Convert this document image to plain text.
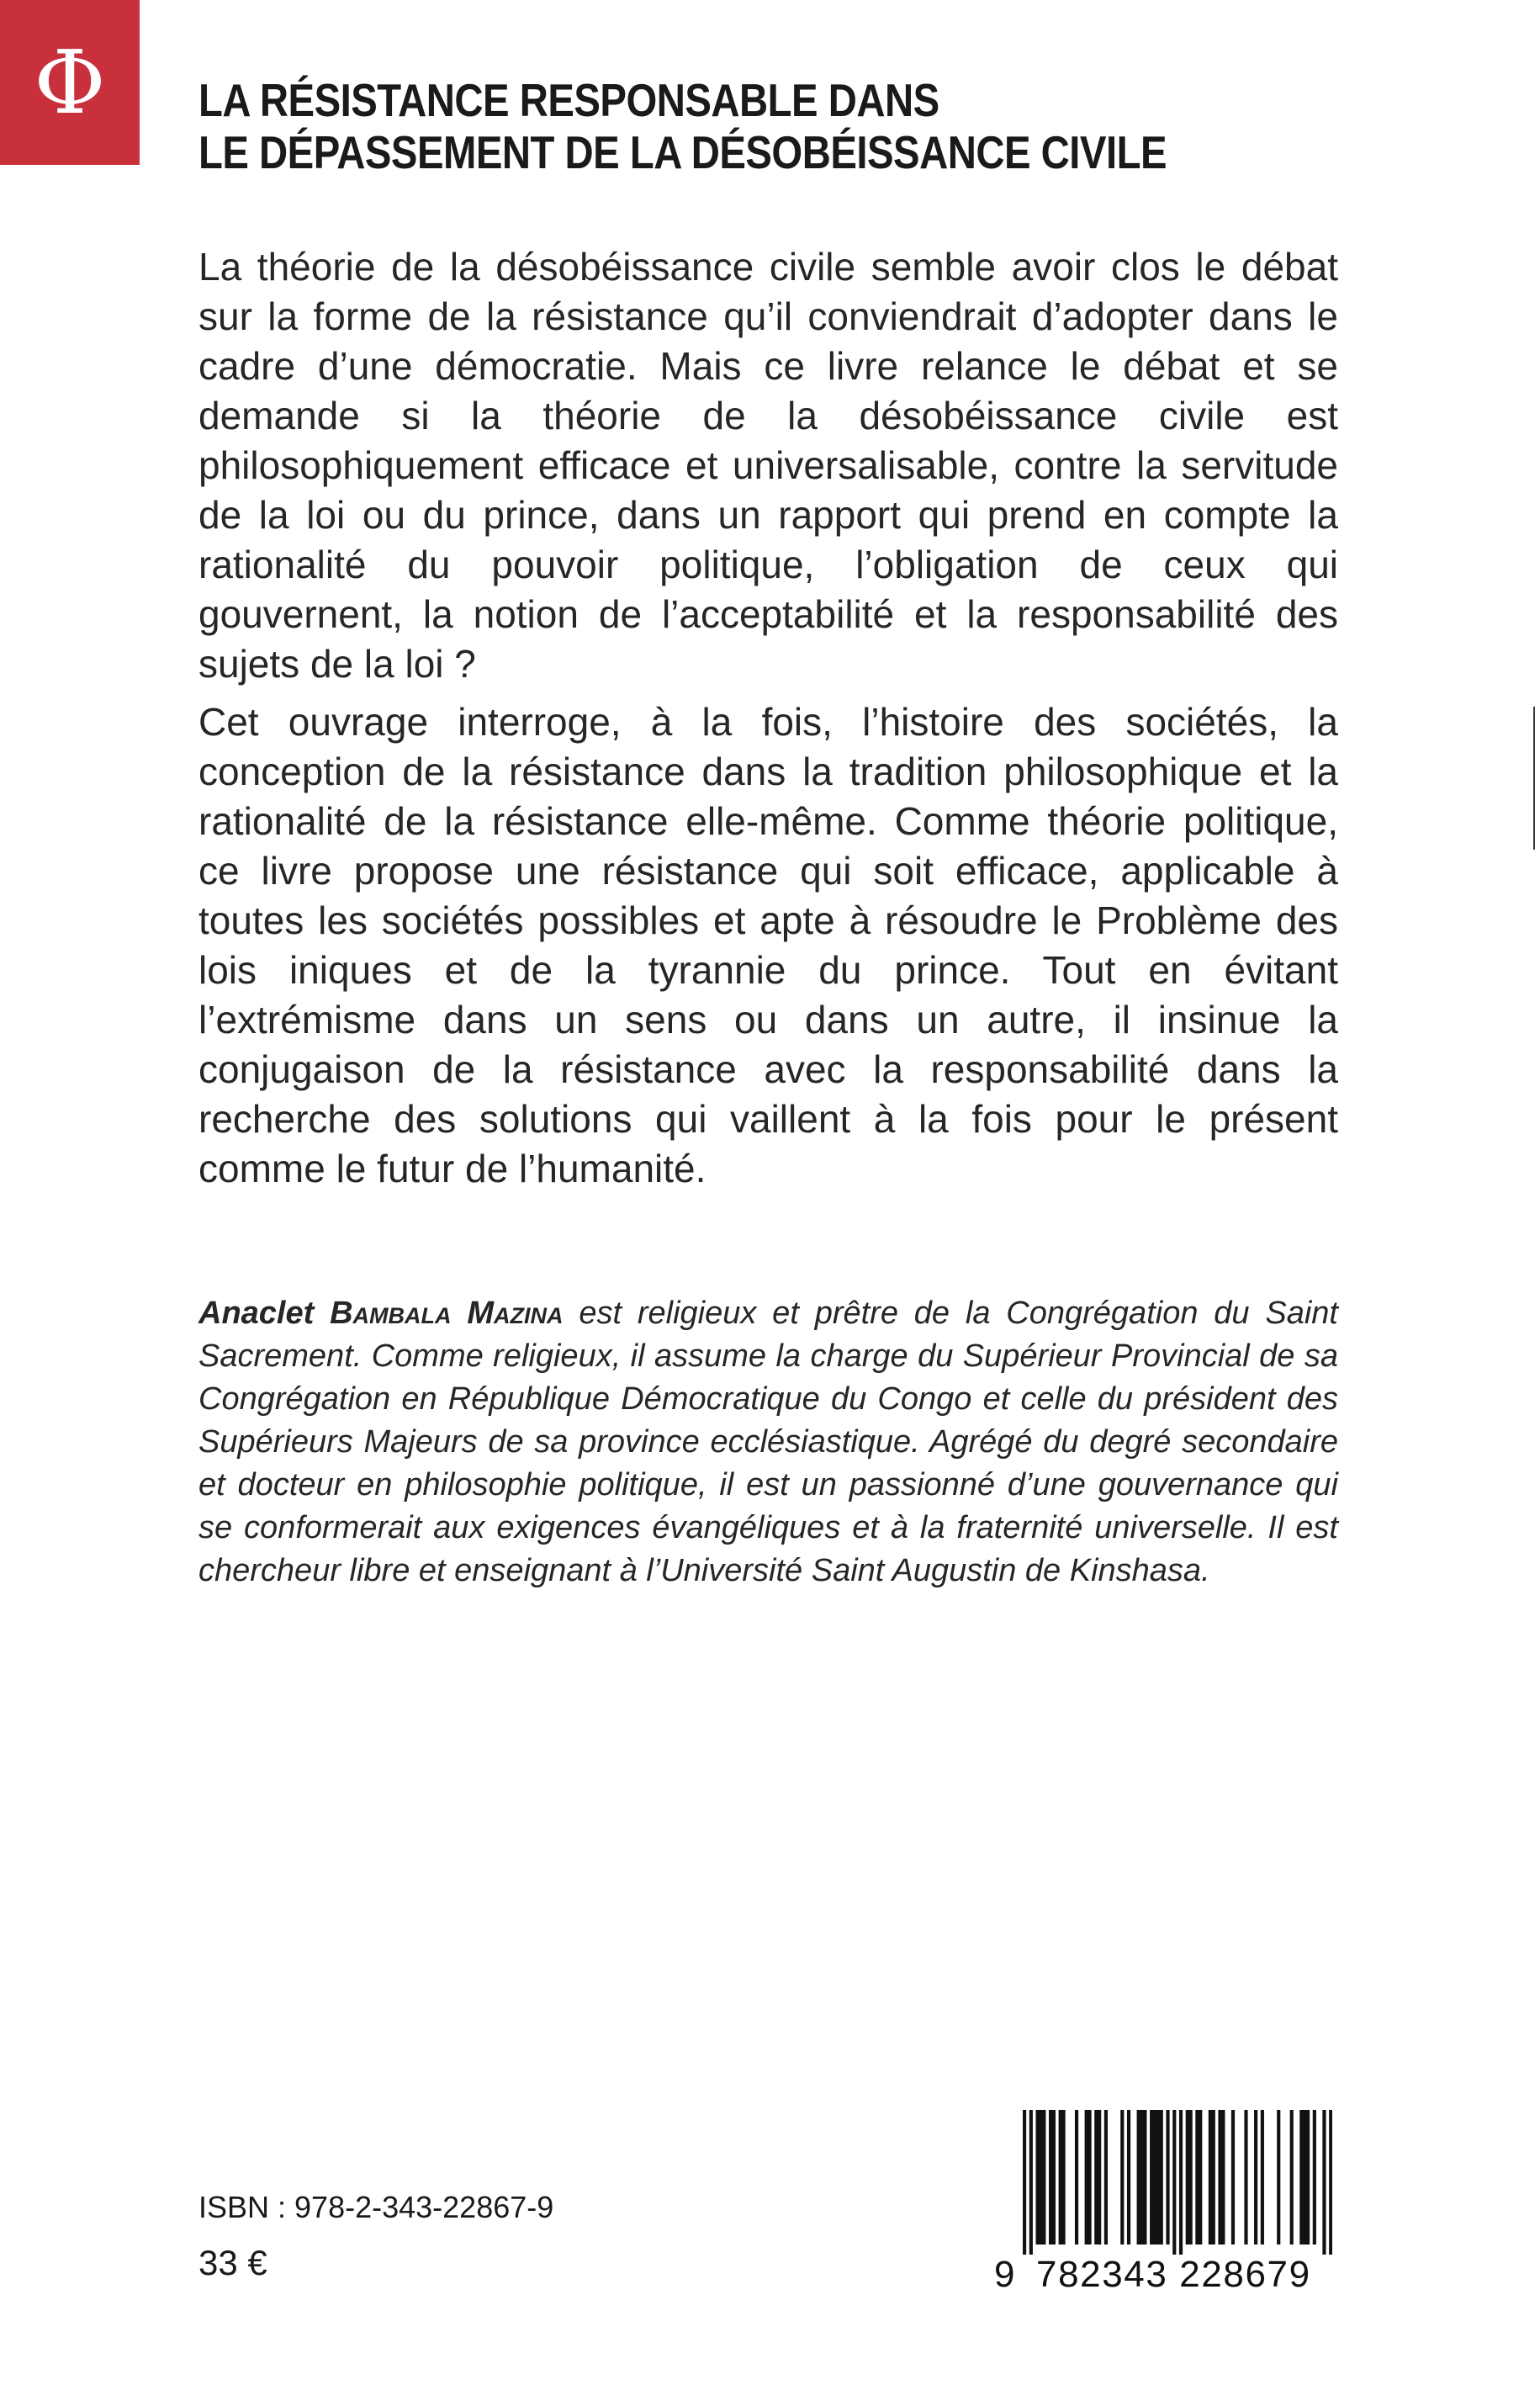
Φ LA RÉSISTANCE RESPONSABLE DANS
LE DÉPASSEMENT DE LA DÉSOBÉISSANCE CIVILE

La théorie de la désobéissance civile semble avoir clos le débat sur la forme de la résistance qu’il conviendrait d’adopter dans le cadre d’une démocratie. Mais ce livre relance le débat et se demande si la théorie de la désobéissance civile est philosophiquement efficace et universalisable, contre la servitude de la loi ou du prince, dans un rapport qui prend en compte la rationalité du pouvoir politique, l’obligation de ceux qui gouvernent, la notion de l’acceptabilité et la responsabilité des sujets de la loi ?

Cet ouvrage interroge, à la fois, l’histoire des sociétés, la conception de la résistance dans la tradition philosophique et la rationalité de la résistance elle-même. Comme théorie politique, ce livre propose une résistance qui soit efficace, applicable à toutes les sociétés possibles et apte à résoudre le Problème des lois iniques et de la tyrannie du prince. Tout en évitant l’extrémisme dans un sens ou dans un autre, il insinue la conjugaison de la résistance avec la responsabilité dans la recherche des solutions qui vaillent à la fois pour le présent comme le futur de l’humanité.

Anaclet Bambala Mazina est religieux et prêtre de la Congrégation du Saint Sacrement. Comme religieux, il assume la charge du Supérieur Provincial de sa Congrégation en République Démocratique du Congo et celle du président des Supérieurs Majeurs de sa province ecclésiastique. Agrégé du degré secondaire et docteur en philosophie politique, il est un passionné d’une gouvernance qui se conformerait aux exigences évangéliques et à la fraternité universelle. Il est chercheur libre et enseignant à l’Université Saint Augustin de Kinshasa.

ISBN : 978-2-343-22867-9
33 €	9 782343 228679
